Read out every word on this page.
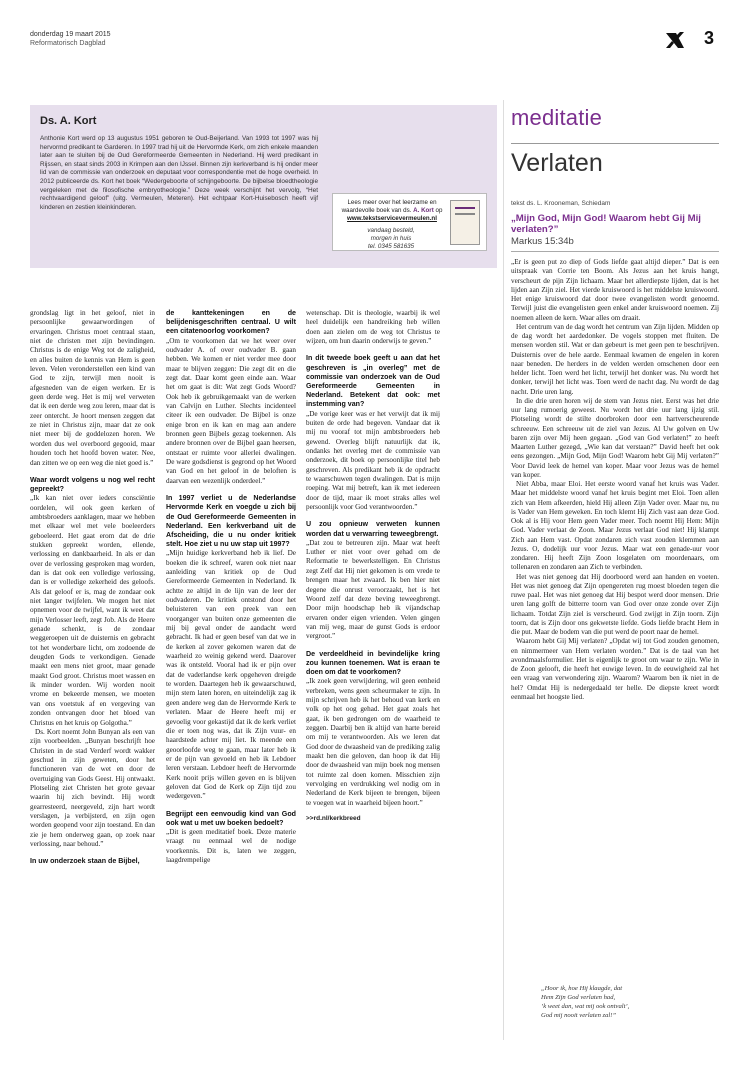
donderdag 19 maart 2015
Reformatorisch Dagblad	3
Ds. A. Kort
Anthonie Kort werd op 13 augustus 1951 geboren te Oud-Beijerland. Van 1993 tot 1997 was hij hervormd predikant te Garderen. In 1997 trad hij uit de Hervormde Kerk, om zich enkele maanden later aan te sluiten bij de Oud Gereformeerde Gemeenten in Nederland. Hij werd predikant in Rijssen, en staat sinds 2003 in Krimpen aan den IJssel. Binnen zijn kerkverband is hij onder meer lid van de commissie van onderzoek en deputaat voor correspondentie met de hoge overheid. In 2012 publiceerde ds. Kort het boek “Wedergeboorte of schijngeboorte. De bijbelse bloedtheologie vergeleken met de filosofische embryotheologie.” Deze week verschijnt het vervolg, “Het rechtvaardigend geloof” (uitg. Vermeulen, Meteren). Het echtpaar Kort-Huisebosch heeft vijf kinderen en zestien kleinkinderen.
Lees meer over het leerzame en waardevolle boek van ds. A. Kort op
www.tekstservicevermeulen.nl
vandaag besteld,
morgen in huis
tel. 0345 581635

grondslag ligt in het geloof, niet in persoonlijke gewaarwordingen of ervaringen. Christus moet centraal staan, niet de christen met zijn bevindingen. Christus is de enige Weg tot de zaligheid, en alles buiten de kennis van Hem is geen leven. Velen veronderstellen een kind van God te zijn, terwijl men nooit is afgesneden van de eigen werken. Er is geen derde weg. Het is mij wel verweten dat ik een derde weg zou leren, maar dat is zeer ontercht. Je hoort mensen zeggen dat ze niet in Christus zijn, maar dat ze ook niet meer bij de goddelozen horen. We worden dus wel overboord gegooid, maar houden toch het hoofd boven water. Nee, dan zitten we op een weg die niet goed is.”

Waar wordt volgens u nog wel recht gepreekt?

„Ik kan niet over ieders consciëntie oordelen, wil ook geen kerken of ambtsbroeders aanklagen, maar we hebben met elkaar wel met vele boeleerders geboeleerd. Het gaat erom dat de drie stukken gepreekt worden, ellende, verlossing en dankbaarheid. In als er dan over de verlossing gesproken mag worden, dan is dat ook een volledige verlossing, dan is er volledige zekerheid des geloofs. Als dat geloof er is, mag de zondaar ook niet langer twijfelen. We mogen het niet opnemen voor de twijfel, want ik weet dat mijn Verlosser leeft, zegt Job. Als de Heere genade schenkt, is de zondaar weggeroepen uit de duisternis en gebracht tot het wonderbare licht, om zodoende de deugden Gods te verkondigen. Genade maakt een mens niet groot, maar genade maakt God groot. Christus moet wassen en ik minder worden. Wij worden nooit vrome en bekeerde mensen, we moeten van ons voetstuk af en vergeving van zonden ontvangen door het bloed van Christus en het kruis op Golgotha.”

Ds. Kort noemt John Bunyan als een van zijn voorbeelden. „Bunyan beschrijft hoe Christen in de stad Verderf wordt wakker geschud in zijn geweten, door het functioneren van de wet en door de overtuiging van Gods Geest. Hij ontwaakt. Plotseling ziet Christen het grote gevaar waarin hij zich bevindt. Hij wordt gearresteerd, neergeveld, zijn hart wordt verslagen, ja verbijsterd, en zijn ogen worden geopend voor zijn toestand. En dan zie je hem onderweg gaan, op zoek naar verlossing, naar behoud.”

In uw onderzoek staan de Bijbel,
de kanttekeningen en de belijdenisgeschriften centraal. U wilt een citatenoorlog voorkomen?

„Om te voorkomen dat we het weer over oudvader A. of over oudvader B. gaan hebben. We komen er niet verder mee door maar te blijven zeggen: Die zegt dit en die zegt dat. Daar komt geen einde aan. Waar het om gaat is dit: Wat zegt Gods Woord? Ook heb ik gebruikgemaakt van de werken van Calvijn en Luther. Slechts incidenteel citeer ik een oudvader. De Bijbel is onze enige bron en ik kan en mag aan andere bronnen geen Bijbels gezag toekennen. Als andere bronnen over de Bijbel gaan heersen, ontstaat er ruimte voor allerlei dwalingen. De ware godsdienst is gegrond op het Woord van God en het geloof in de beloften is daarvan een wezenlijk onderdeel.”

In 1997 verliet u de Nederlandse Hervormde Kerk en voegde u zich bij de Oud Gereformeerde Gemeenten in Nederland. Een kerkverband uit de Afscheiding, die u nu onder kritiek stelt. Hoe ziet u nu uw stap uit 1997?

„Mijn huidige kerkverband heb ik lief. De boeken die ik schreef, waren ook niet naar aanleiding van kritiek op de Oud Gereformeerde Gemeenten in Nederland. Ik achtte ze altijd in de lijn van de leer der oudvaderen. De kritiek ontstond door het beluisteren van een preek van een voorganger van buiten onze gemeenten die mij bij geval onder de aandacht werd gebracht. Ik had er geen besef van dat we in de kerken al zover gekomen waren dat de waarheid zo weinig gekend werd. Daarover was ik ontsteld. Vooral had ik er pijn over dat de vaderlandse kerk opgeheven dreigde te worden. Daartegen heb ik gewaarschuwd, mijn stem laten horen, en uiteindelijk zag ik geen andere weg dan de Hervormde Kerk te verlaten. Maar de Heere heeft mij er gevoelig voor gekastijd dat ik de kerk verliet die er toen nog was, dat ik Zijn vuur- en haardstede achter mij liet. Ik meende een geoorloofde weg te gaan, maar later heb ik er de pijn van gevoeld en heb ik Lebdoer leren verstaan. Lebdoer heeft de Hervormde Kerk nooit prijs willen geven en is blijven geloven dat God de Kerk op Zijn tijd zou wedergeven.”

Begrijpt een eenvoudig kind van God ook wat u met uw boeken bedoelt?

„Dit is geen meditatief boek. Deze materie vraagt nu eenmaal wel de nodige voorkennis. Dit is, laten we zeggen, laagdrempelige

wetenschap. Dit is theologie, waarbij ik wel heel duidelijk een handreiking heb willen doen aan zielen om de weg tot Christus te wijzen, om hun daarin onderwijs te geven.”

In dit tweede boek geeft u aan dat het geschreven is „in overleg” met de commissie van onderzoek van de Oud Gereformeerde Gemeenten in Nederland. Betekent dat ook: met instemming van?

„De vorige keer was er het verwijt dat ik mij buiten de orde had begeven. Vandaar dat ik mij nu vooraf tot mijn ambtsbroeders heb gewend. Overleg blijft natuurlijk dat ik, ondanks het overleg met de commissie van onderzoek, dit boek op persoonlijke titel heb geschreven. Als predikant heb ik de opdracht te waarschuwen tegen dwalingen. Dat is mijn roeping. Wat mij betreft, kan ik met iedereen door de tijd, maar ik moet straks alles wel persoonlijk voor God verantwoorden.”

U zou opnieuw verweten kunnen worden dat u verwarring teweegbrengt.

„Dat zou te betreuren zijn. Maar wat heeft Luther er niet voor over gehad om de Reformatie te bewerkstelligen. En Christus zegt Zelf dat Hij niet gekomen is om vrede te brengen maar het zwaard. Ik ben hier niet degene die onrust veroorzaakt, het is het Woord zelf dat deze beving teweegbrengt. Door mijn hoodschap heb ik vijandschap ervaren onder eigen vrienden. Velen gingen van mij weg, maar de gunst Gods is erdoor vergroot.”

De verdeeldheid in bevindelijke kring zou kunnen toenemen. Wat is eraan te doen om dat te voorkomen?

„Ik zoek geen verwijdering, wil geen eenheid verbreken, wens geen scheurmaker te zijn. In mijn schrijven heb ik het behoud van kerk en volk op het oog gehad. Het gaat zoals het gaat, ik ben gedrongen om de waarheid te zeggen. Daarbij ben ik altijd van harte bereid om mij te verantwoorden. Als we leren dat God door de dwaasheid van de prediking zalig maakt hen die geloven, dan hoop ik dat Hij door de dwaasheid van mijn boek nog mensen tot ruimte zal doen komen. Misschien zijn vervolging en verdrukking wel nodig om in Nederland de Kerk bijeen te brengen, bijeen te voegen wat in waarheid bijeen hoort.”

>>rd.nl/kerkbreed
meditatie
Verlaten
tekst ds. L. Krooneman, Schiedam
„Mijn God, Mijn God! Waarom hebt Gij Mij verlaten?”
Markus 15:34b

„Er is geen put zo diep of Gods liefde gaat altijd dieper.” Dat is een uitspraak van Corrie ten Boom. Als Jezus aan het kruis hangt, verscheurt de pijn Zijn lichaam. Maar het allerdiepste lijden, dat is het lijden aan Zijn ziel. Het vierde kruiswoord is het middelste kruiswoord. Het enige kruiswoord dat door twee evangelisten wordt genoemd. Terwijl juist die evangelisten geen enkel ander kruiswoord noemen. Zij noemen alleen de kern. Waar alles om draait.

Het centrum van de dag wordt het centrum van Zijn lijden. Midden op de dag wordt het aardedonker. De vogels stoppen met fluiten. De mensen worden stil. Wat er dan gebeurt is met geen pen te beschrijven. Duisternis over de hele aarde. Eenmaal kwamen de engelen in koren naar beneden. De herders in de velden werden omschenen door een helder licht. Toen werd het licht, terwijl het donker was. Nu wordt het donker, terwijl het licht was. Toen werd de nacht dag. Nu wordt de dag nacht. Drie uren lang.

In die drie uren horen wij de stem van Jezus niet. Eerst was het drie uur lang rumoerig geweest. Nu wordt het drie uur lang ijzig stil. Plotseling wordt de stilte doorbroken door een hartverscheurende schreeuw. Een schreeuw uit de ziel van Jezus. Al Uw golven en Uw baren zijn over Mij heen gegaan. „God van God verlaten!” zo heeft Maarten Luther gezegd, „Wie kan dat verstaan?” David heeft het ook eens gezongen. „Mijn God, Mijn God! Waarom hebt Gij Mij verlaten?” Voor David leek de hemel van koper. Maar voor Jezus was de hemel van koper.

Niet Abba, maar Eloi. Het eerste woord vanaf het kruis was Vader. Maar het middelste woord vanaf het kruis begint met Eloi. Toen allen zich van Hem afkeerden, hield Hij alleen Zijn Vader over. Maar nu, nu is Vader van Hem geweken. En toch klemt Hij Zich vast aan deze God. Ook al is Hij voor Hem geen Vader meer. Toch noemt Hij Hem: Mijn God. Vader verlaat de Zoon. Maar Jezus verlaat God niet! Hij klampt Zich aan Hem vast. Opdat zondaren zich vast zouden klemmen aan Jezus. O, dodelijk uur voor Jezus. Maar wat een genade-uur voor zondaren. Hij heeft Zijn Zoon losgelaten om moordenaars, om tollenaren en zondaren aan Zich te verbinden.

Het was niet genoeg dat Hij doorboord werd aan handen en voeten. Het was niet genoeg dat Zijn opengereten rug moest bloeden tegen die ruwe paal. Het was niet genoeg dat Hij bespot werd door mensen. Drie uren lang golft de bitterre toorn van God over onze zonde over Zijn lichaam. Totdat Zijn ziel is verscheurd. God zwijgt in Zijn toorn. Zijn toorn, dat is Zijn door ons gekwetste liefde. Gods liefde bracht Hem in die put. Maar de bodem van die put werd de poort naar de hemel.

Waarom hebt Gij Mij verlaten? „Opdat wij tot God zouden genomen, en nimmermeer van Hem verlaten worden.” Dat is de taal van het avondmaalsformulier. Het is eigenlijk te groot om waar te zijn. Wie in de Zoon gelooft, die heeft het euwige leven. In de eeuwigheid zal het een vraag van verwondering zijn. Waarom? Waarom ben ik niet in de hel? Omdat Hij is nedergedaald ter helle. De diepste kreet wordt eenmaal het hoogste lied.

„Hoor ik, hoe Hij klaagde, dat
Hem Zijn God verlaten had,
’k weet dan, wat mij ook ontvalt’,
God mij nooit verlaten zal!”
